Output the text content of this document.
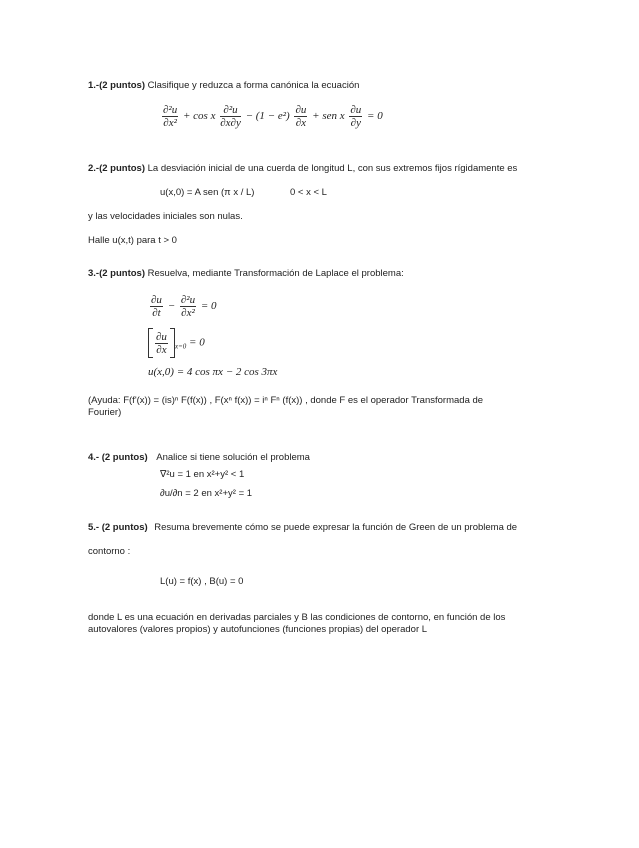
1.-(2 puntos) Clasifique y reduzca a forma canónica la ecuación
$\frac{\text{∂²u}}{\text{∂x²}} + \cos x \frac{\text{∂²u}}{\partial x\partial y} - (1 - e^2) \frac{\partial u}{\partial x}$ + sen x $\frac{\partial u}{\partial y} = 0$
2.-(2 puntos) La desviación inicial de una cuerda de longitud L, con sus extremos fijos rígidamente es
u(x,0) = A sen (π x / L)	0 < x < L
y las velocidades iniciales son nulas.
Halle u(x,t) para t > 0
3.-(2 puntos) Resuelva, mediante Transformación de Laplace el problema:
$\frac{\partial u}{\partial t} - \frac{\text{∂²u}}{\text{∂x²}} = 0$
$\frac{\partial u}{\partial x} _{x=0} = 0$
u(x,0) = 4 cos πx − 2 cos 3πx
(Ayuda: F(f'(x)) = (is)ⁿ F(f(x)) , F(xⁿ f(x)) = iⁿ Fⁿ (f(x)) , donde F es el operador Transformada de
Fourier)
4.- (2 puntos) Analice si tiene solución el problema
∇²u = 1 en x²+y² < 1
∂u/∂n = 2 en x²+y² = 1
5.- (2 puntos) Resuma brevemente cómo se puede expresar la función de Green de un problema de
contorno :
L(u) = f(x) , B(u) = 0
donde L es una ecuación en derivadas parciales y B las condiciones de contorno, en función de los
autovalores (valores propios) y autofunciones (funciones propias) del operador L
